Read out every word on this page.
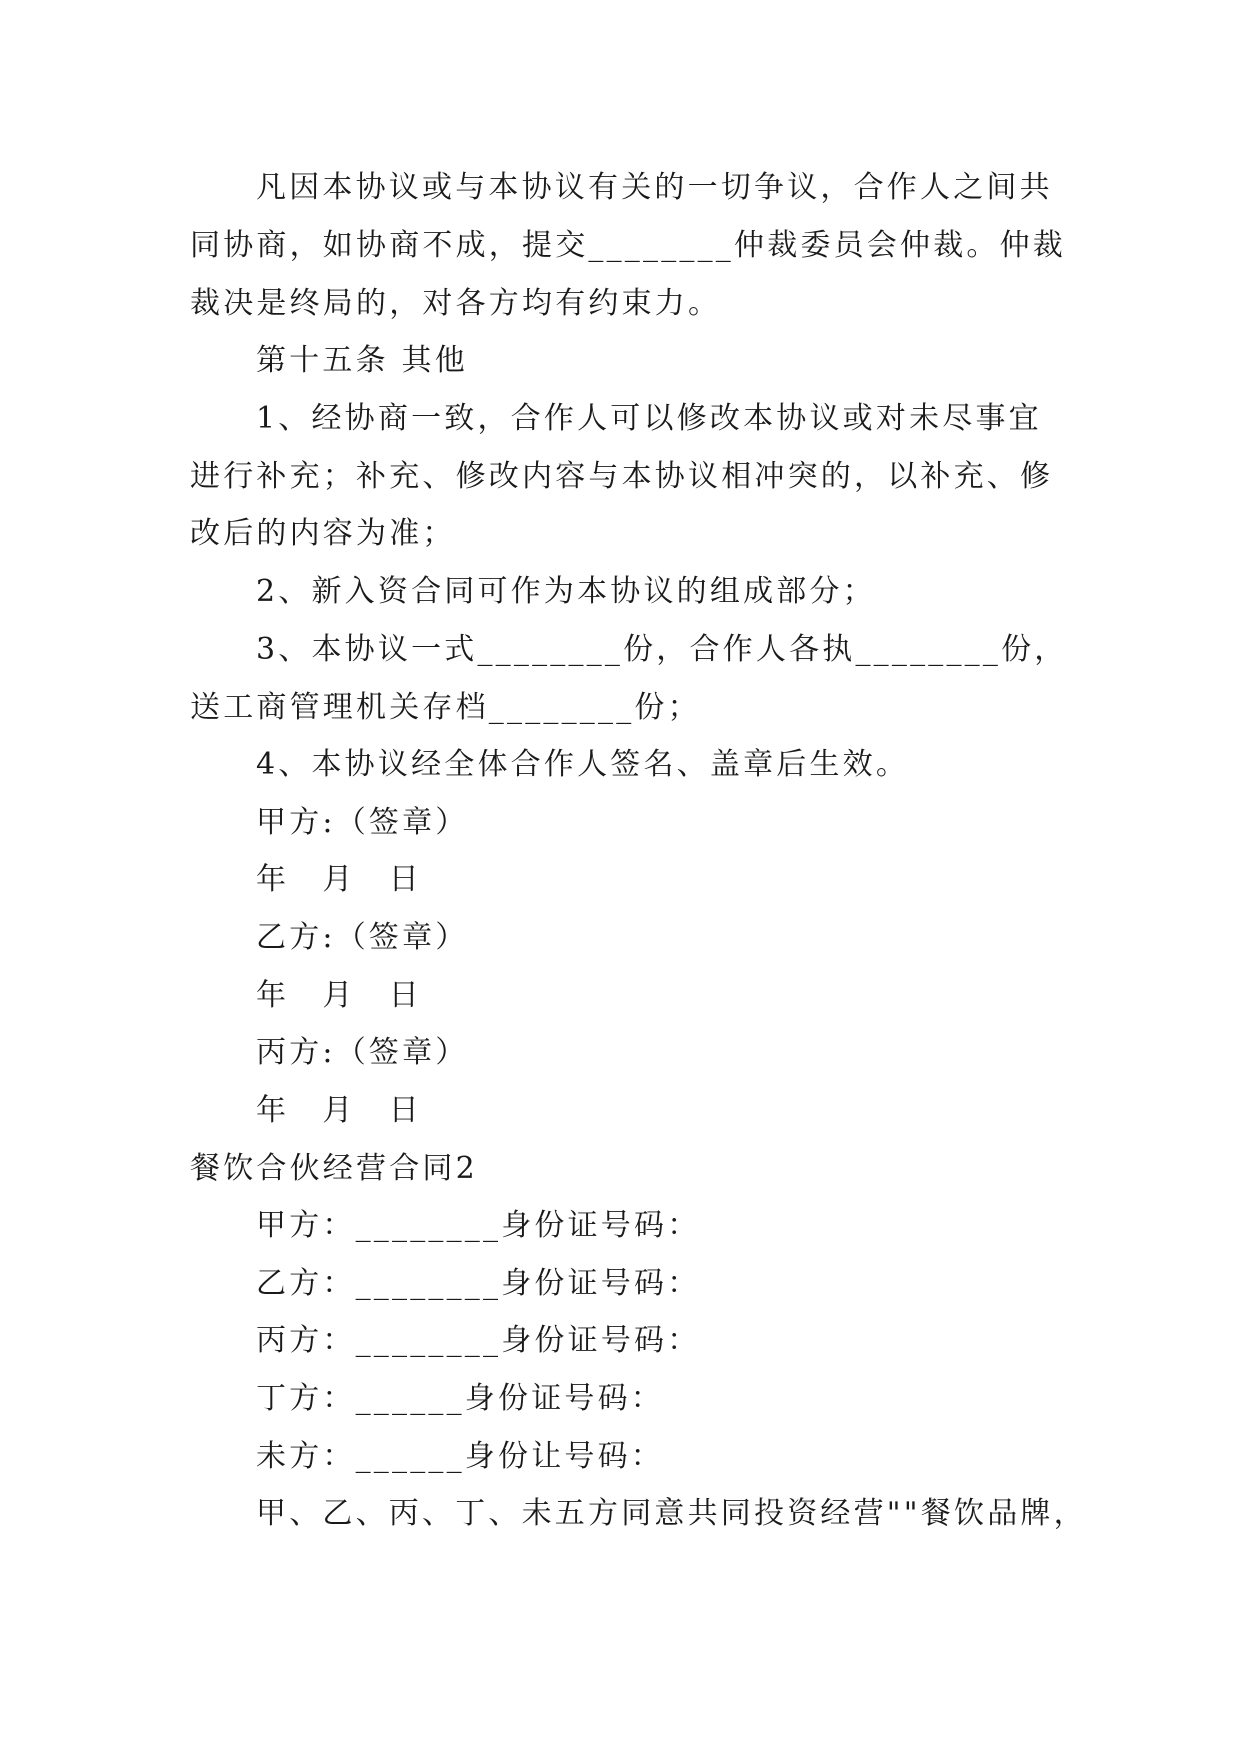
凡因本协议或与本协议有关的一切争议，合作人之间共
同协商，如协商不成，提交________仲裁委员会仲裁。仲裁
裁决是终局的，对各方均有约束力。
第十五条 其他
1、经协商一致，合作人可以修改本协议或对未尽事宜
进行补充；补充、修改内容与本协议相冲突的，以补充、修
改后的内容为准；
2、新入资合同可作为本协议的组成部分；
3、本协议一式________份，合作人各执________份，
送工商管理机关存档________份；
4、本协议经全体合作人签名、盖章后生效。
甲方:（签章）
年　月　日
乙方:（签章）
年　月　日
丙方:（签章）
年　月　日
餐饮合伙经营合同2
甲方：________身份证号码：
乙方：________身份证号码：
丙方：________身份证号码：
丁方：______身份证号码：
未方：______身份让号码：
甲、乙、丙、丁、未五方同意共同投资经营""餐饮品牌，
